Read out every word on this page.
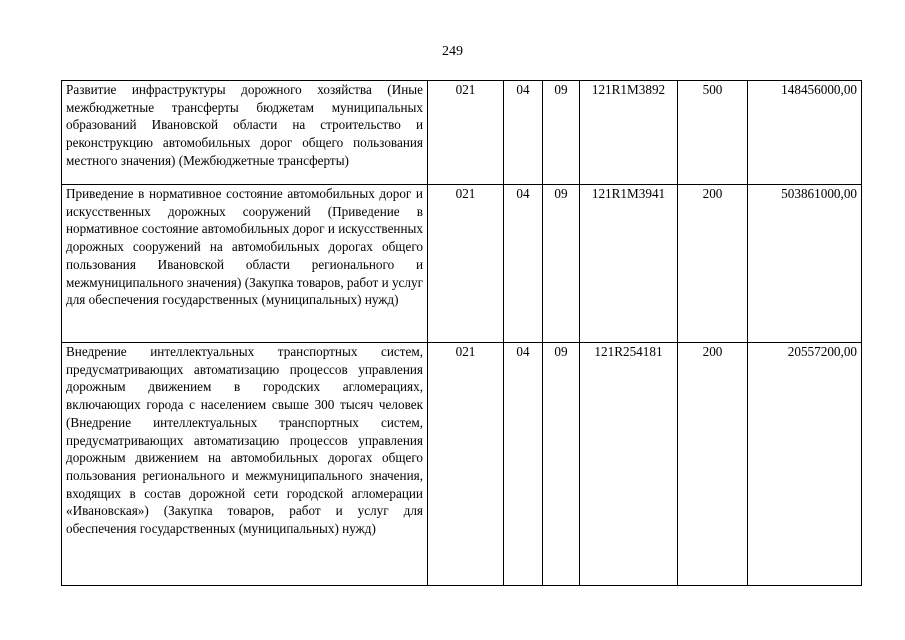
249
Развитие инфраструктуры дорожного хозяйства (Иные межбюджетные трансферты бюджетам муниципальных образований Ивановской области на строительство и реконструкцию автомобильных дорог общего пользования местного значения) (Межбюджетные трансферты)	021	04	09	121R1M3892	500	148456000,00
Приведение в нормативное состояние автомобильных дорог и искусственных дорожных сооружений (Приведение в нормативное состояние автомобильных дорог и искусственных дорожных сооружений на автомобильных дорогах общего пользования Ивановской области регионального и межмуниципального значения) (Закупка товаров, работ и услуг для обеспечения государственных (муниципальных) нужд)	021	04	09	121R1M3941	200	503861000,00
Внедрение интеллектуальных транспортных систем, предусматривающих автоматизацию процессов управления дорожным движением в городских агломерациях, включающих города с населением свыше 300 тысяч человек (Внедрение интеллектуальных транспортных систем, предусматривающих автоматизацию процессов управления дорожным движением на автомобильных дорогах общего пользования регионального и межмуниципального значения, входящих в состав дорожной сети городской агломерации «Ивановская») (Закупка товаров, работ и услуг для обеспечения государственных (муниципальных) нужд)	021	04	09	121R254181	200	20557200,00
